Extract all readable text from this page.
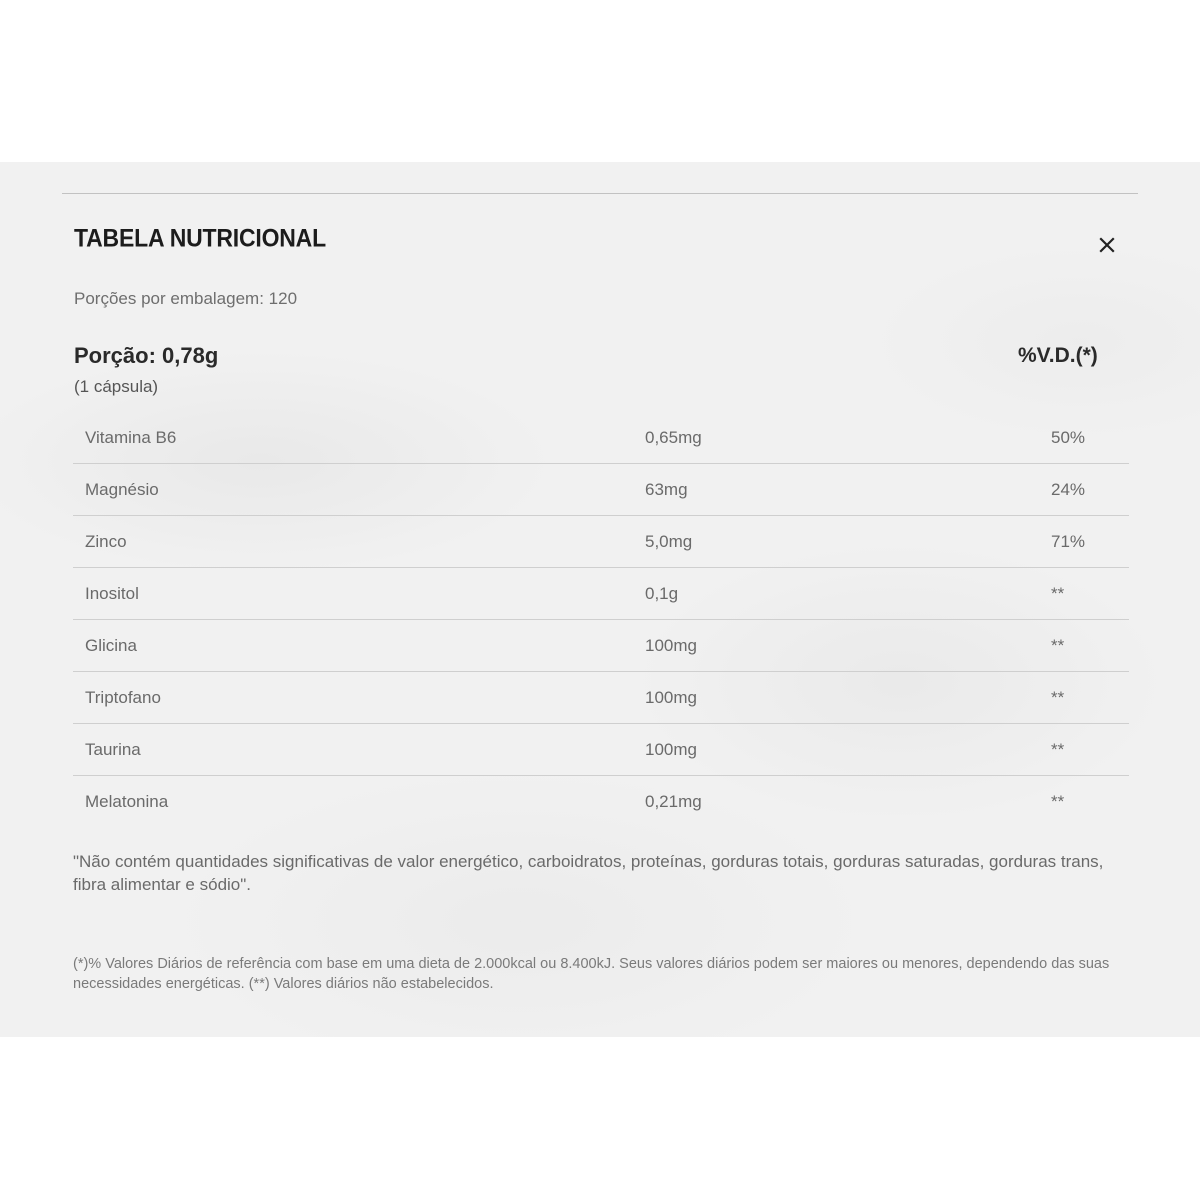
TABELA NUTRICIONAL
Porções por embalagem: 120
Porção: 0,78g
(1 cápsula)
%V.D.(*)
Vitamina B6	0,65mg	50%
Magnésio	63mg	24%
Zinco	5,0mg	71%
Inositol	0,1g	**
Glicina	100mg	**
Triptofano	100mg	**
Taurina	100mg	**
Melatonina	0,21mg	**
"Não contém quantidades significativas de valor energético, carboidratos, proteínas, gorduras totais, gorduras saturadas, gorduras trans, fibra alimentar e sódio".
(*)% Valores Diários de referência com base em uma dieta de 2.000kcal ou 8.400kJ. Seus valores diários podem ser maiores ou menores, dependendo das suas necessidades energéticas. (**) Valores diários não estabelecidos.
